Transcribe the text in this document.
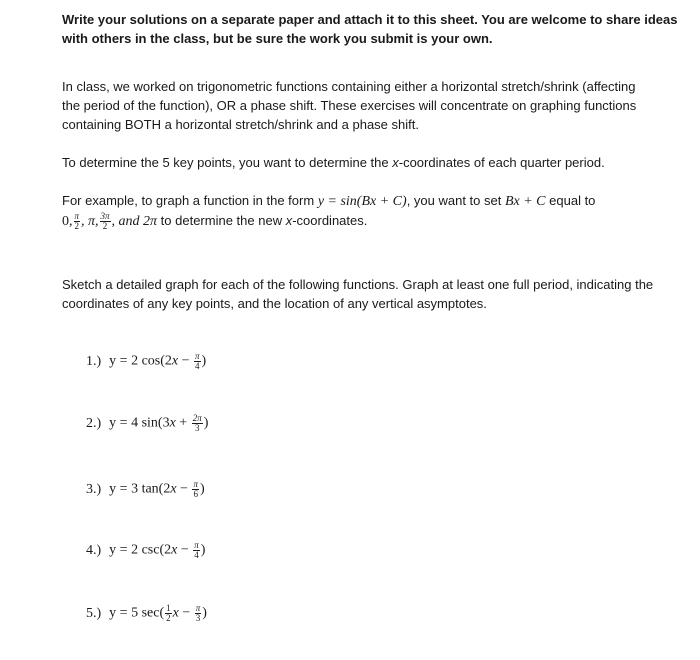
Write your solutions on a separate paper and attach it to this sheet. You are welcome to share ideas

with others in the class, but be sure the work you submit is your own.

In class, we worked on trigonometric functions containing either a horizontal stretch/shrink (affecting

the period of the function), OR a phase shift. These exercises will concentrate on graphing functions

containing BOTH a horizontal stretch/shrink and a phase shift.

To determine the 5 key points, you want to determine the x-coordinates of each quarter period.

For example, to graph a function in the form y = sin(Bx + C), you want to set Bx + C equal to

0, $\frac{\pi}{2}$ , π, $\frac{3\pi}{2}$ , and 2π to determine the new x-coordinates.

Sketch a detailed graph for each of the following functions. Graph at least one full period, indicating the

coordinates of any key points, and the location of any vertical asymptotes.

1.) y = 2 $\cos(2x - \frac{\pi}{4}$ )
2.) y = 4 $\sin(3x + \frac{2\pi}{3}$ )
3.) y = 3 $\tan(2x - \frac{\pi}{6}$ )
4.) y = 2 $\csc(2x - \frac{\pi}{4}$ )
5.) y = 5 $\sec( \frac{1}{2}$ $x - \frac{\pi}{3}$ )
